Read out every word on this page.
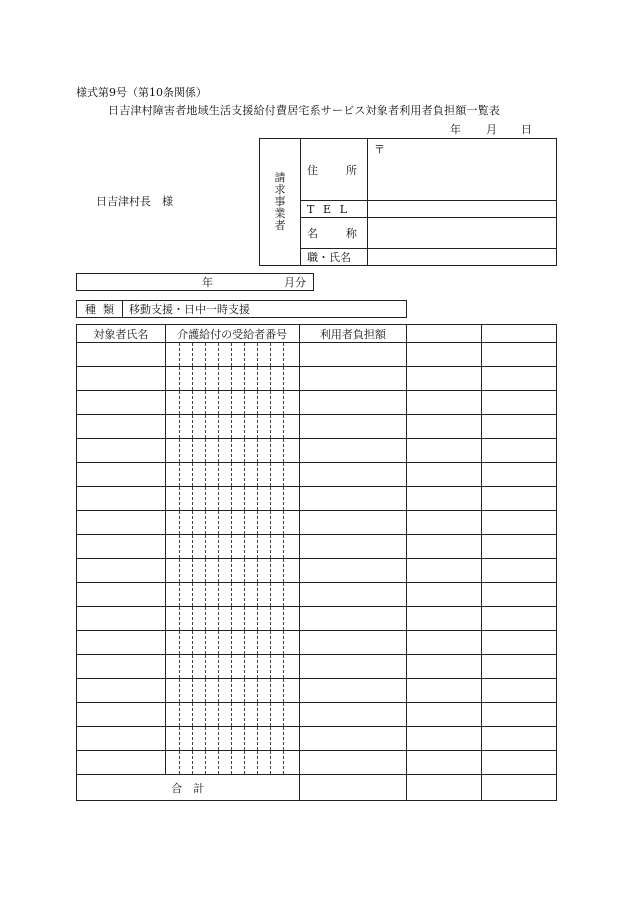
様式第9号（第10条関係）
日吉津村障害者地域生活支援給付費居宅系サービス対象者利用者負担額一覧表
年 月 日
日吉津村長　様
請
求
事
業
者	住 所	〒

	T E L	

	名 称	

	職・氏名	
年	月分
種 類 移動支援・日中一時支援
対象者氏名	介護給付の受給者番号	利用者負担額		

合　計				
